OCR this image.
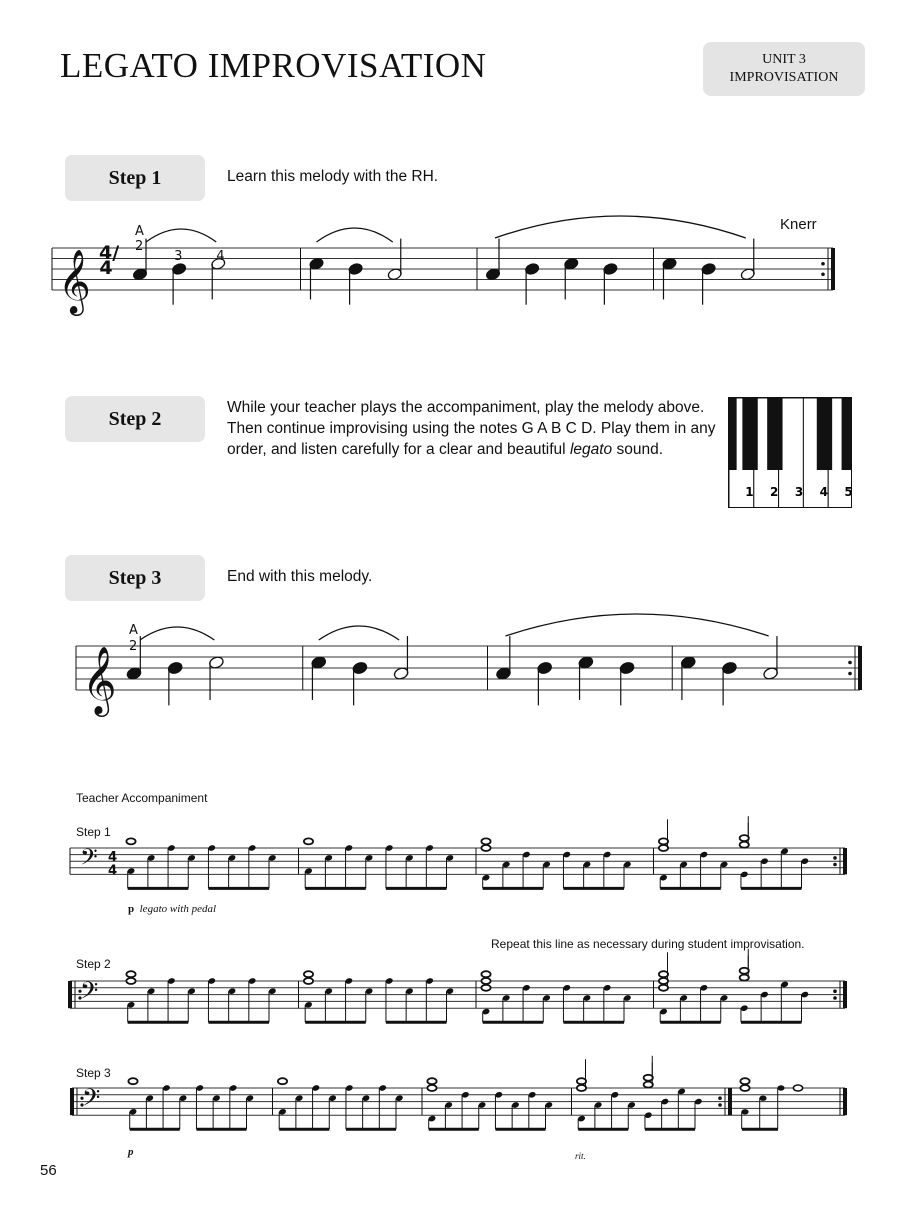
LEGATO IMPROVISATION	UNIT 3
IMPROVISATION
Step 1	Learn this melody with the RH.
Knerr
4/4
Step 2	While your teacher plays the accompaniment, play the melody above. Then continue improvising using the notes G A B C D. Play them in any order, and listen carefully for a clear and beautiful legato sound.
1 2 3 4 5
Step 3	End with this melody.
Teacher Accompaniment
Step 1
Step 2
Step 3
Repeat this line as necessary during student improvisation.
p legato with pedal
p	rit.
56
𝄞
A
2
3	4
𝄞
A
2
𝄢 4
4
𝄢
𝄢
